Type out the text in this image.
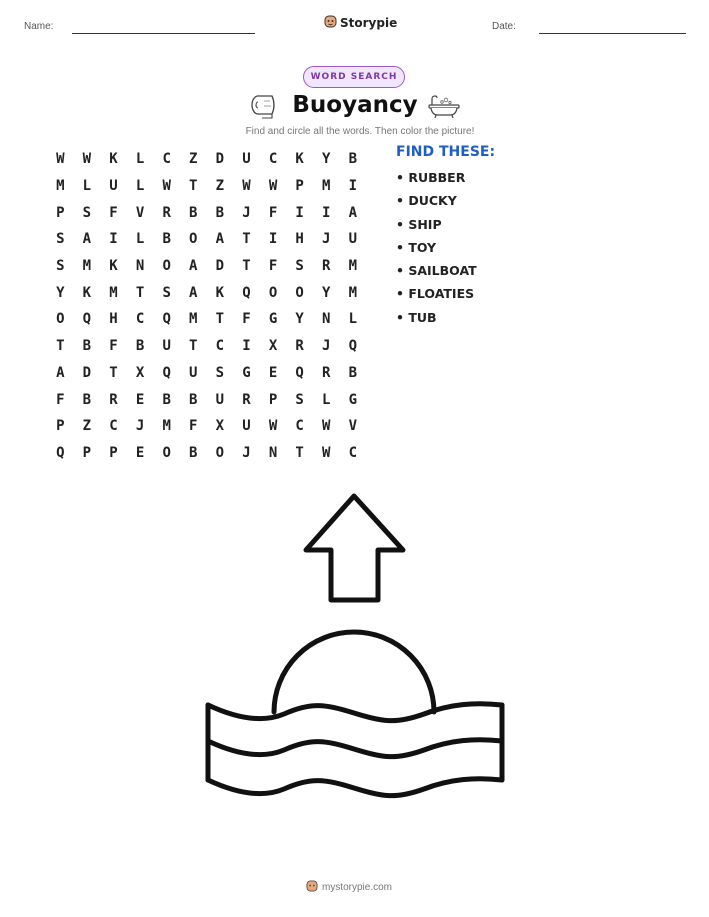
Name:	Storypie	Date:
WORD SEARCH
Buoyancy
Find and circle all the words. Then color the picture!
W	W	K	L	C	Z	D	U	C	K	Y	B
M	L	U	L	W	T	Z	W	W	P	M	I
P	S	F	V	R	B	B	J	F	I	I	A
S	A	I	L	B	O	A	T	I	H	J	U
S	M	K	N	O	A	D	T	F	S	R	M
Y	K	M	T	S	A	K	Q	O	O	Y	M
O	Q	H	C	Q	M	T	F	G	Y	N	L
T	B	F	B	U	T	C	I	X	R	J	Q
A	D	T	X	Q	U	S	G	E	Q	R	B
F	B	R	E	B	B	U	R	P	S	L	G
P	Z	C	J	M	F	X	U	W	C	W	V
Q	P	P	E	O	B	O	J	N	T	W	C
FIND THESE:
• RUBBER
• DUCKY
• SHIP
• TOY
• SAILBOAT
• FLOATIES
• TUB
mystorypie.com
